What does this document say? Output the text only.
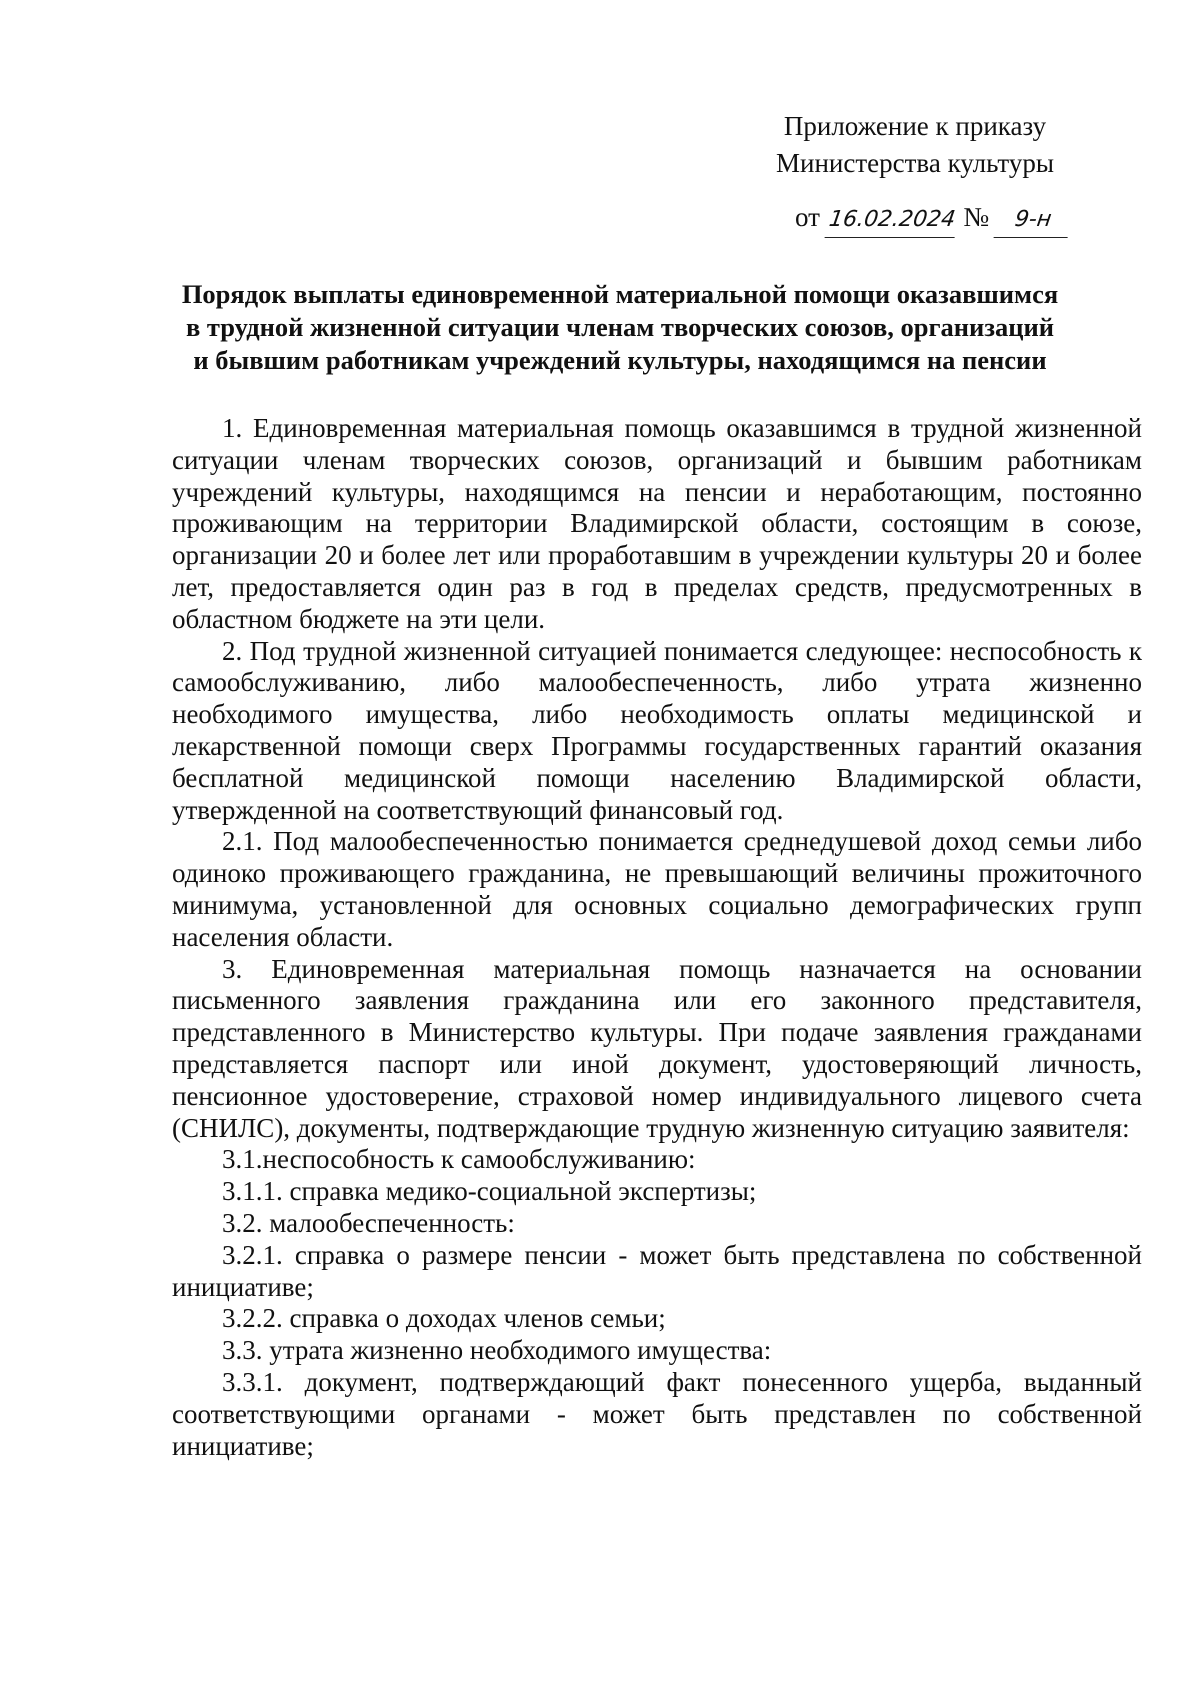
Приложение к приказу
Министерства культуры
от 16.02.2024 № 9-н
Порядок выплаты единовременной материальной помощи оказавшимся
в трудной жизненной ситуации членам творческих союзов, организаций
и бывшим работникам учреждений культуры, находящимся на пенсии

1. Единовременная материальная помощь оказавшимся в трудной жизненной ситуации членам творческих союзов, организаций и бывшим работникам учреждений культуры, находящимся на пенсии и неработающим, постоянно проживающим на территории Владимирской области, состоящим в союзе, организации 20 и более лет или проработавшим в учреждении культуры 20 и более лет, предоставляется один раз в год в пределах средств, предусмотренных в областном бюджете на эти цели.

2. Под трудной жизненной ситуацией понимается следующее: неспособность к самообслуживанию, либо малообеспеченность, либо утрата жизненно необходимого имущества, либо необходимость оплаты медицинской и лекарственной помощи сверх Программы государственных гарантий оказания бесплатной медицинской помощи населению Владимирской области, утвержденной на соответствующий финансовый год.

2.1. Под малообеспеченностью понимается среднедушевой доход семьи либо одиноко проживающего гражданина, не превышающий величины прожиточного минимума, установленной для основных социально демографических групп населения области.

3. Единовременная материальная помощь назначается на основании письменного заявления гражданина или его законного представителя, представленного в Министерство культуры. При подаче заявления гражданами представляется паспорт или иной документ, удостоверяющий личность, пенсионное удостоверение, страховой номер индивидуального лицевого счета (СНИЛС), документы, подтверждающие трудную жизненную ситуацию заявителя:

3.1.неспособность к самообслуживанию:

3.1.1. справка медико-социальной экспертизы;

3.2. малообеспеченность:

3.2.1. справка о размере пенсии - может быть представлена по собственной инициативе;

3.2.2. справка о доходах членов семьи;

3.3. утрата жизненно необходимого имущества:

3.3.1. документ, подтверждающий факт понесенного ущерба, выданный соответствующими органами - может быть представлен по собственной инициативе;
